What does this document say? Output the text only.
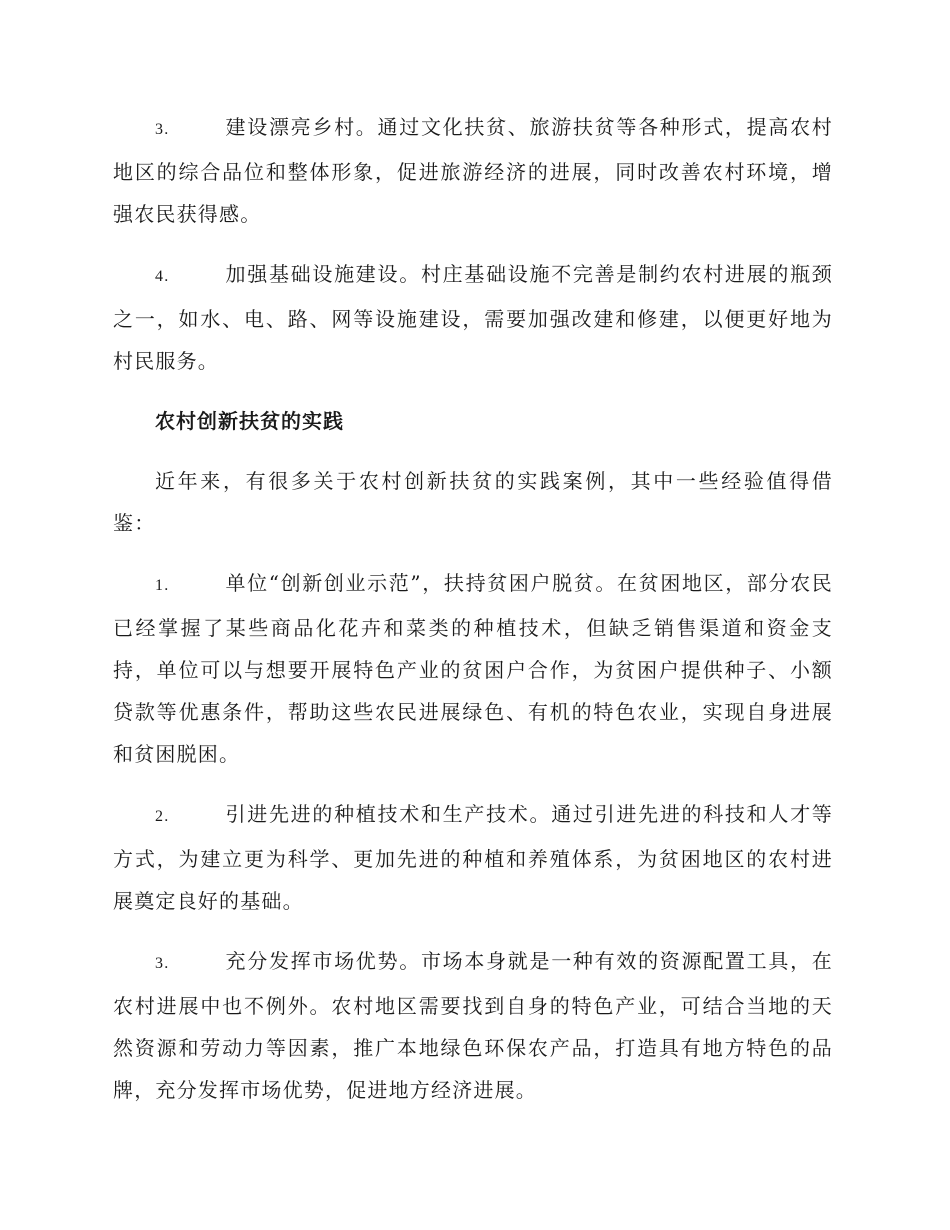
3.	建设漂亮乡村。通过文化扶贫、旅游扶贫等各种形式，提高农村地区的综合品位和整体形象，促进旅游经济的进展，同时改善农村环境，增强农民获得感。

4.	加强基础设施建设。村庄基础设施不完善是制约农村进展的瓶颈之一，如水、电、路、网等设施建设，需要加强改建和修建，以便更好地为村民服务。

农村创新扶贫的实践

近年来，有很多关于农村创新扶贫的实践案例，其中一些经验值得借鉴：

1.	单位“创新创业示范”，扶持贫困户脱贫。在贫困地区，部分农民已经掌握了某些商品化花卉和菜类的种植技术，但缺乏销售渠道和资金支持，单位可以与想要开展特色产业的贫困户合作，为贫困户提供种子、小额贷款等优惠条件，帮助这些农民进展绿色、有机的特色农业，实现自身进展和贫困脱困。

2.	引进先进的种植技术和生产技术。通过引进先进的科技和人才等方式，为建立更为科学、更加先进的种植和养殖体系，为贫困地区的农村进展奠定良好的基础。

3.	充分发挥市场优势。市场本身就是一种有效的资源配置工具，在农村进展中也不例外。农村地区需要找到自身的特色产业，可结合当地的天然资源和劳动力等因素，推广本地绿色环保农产品，打造具有地方特色的品牌，充分发挥市场优势，促进地方经济进展。
